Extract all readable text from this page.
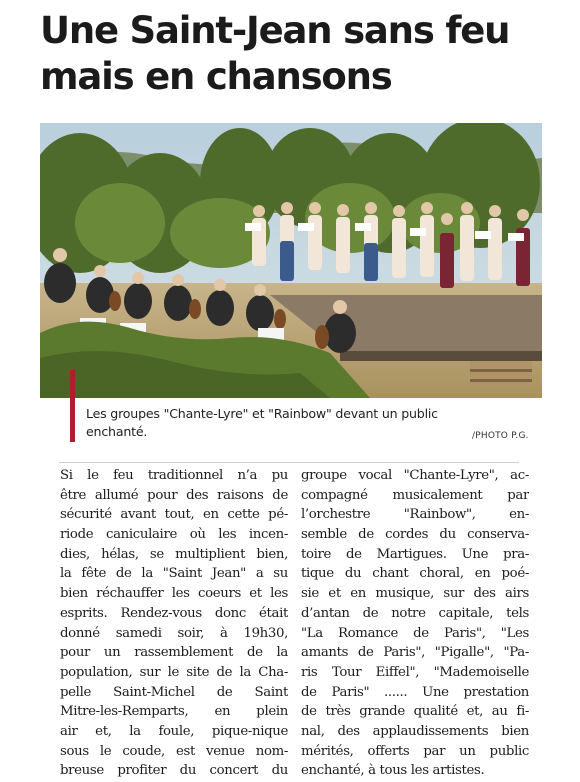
Une Saint-Jean sans feu
mais en chansons
Les groupes "Chante-Lyre" et "Rainbow" devant un public
enchanté.	/PHOTO P.G.
Si le feu traditionnel n’a pu
être allumé pour des raisons de
sécurité avant tout, en cette pé-
riode caniculaire où les incen-
dies, hélas, se multiplient bien,
la fête de la "Saint Jean" a su
bien réchauffer les coeurs et les
esprits. Rendez-vous donc était
donné samedi soir, à 19h30,
pour un rassemblement de la
population, sur le site de la Cha-
pelle Saint-Michel de Saint
Mitre-les-Remparts, en plein
air et, la foule, pique-nique
sous le coude, est venue nom-
breuse profiter du concert du
groupe vocal "Chante-Lyre", ac-
compagné musicalement par
l’orchestre "Rainbow", en-
semble de cordes du conserva-
toire de Martigues. Une pra-
tique du chant choral, en poé-
sie et en musique, sur des airs
d’antan de notre capitale, tels
"La Romance de Paris", "Les
amants de Paris", "Pigalle", "Pa-
ris Tour Eiffel", "Mademoiselle
de Paris" ...... Une prestation
de très grande qualité et, au fi-
nal, des applaudissements bien
mérités, offerts par un public
enchanté, à tous les artistes.
